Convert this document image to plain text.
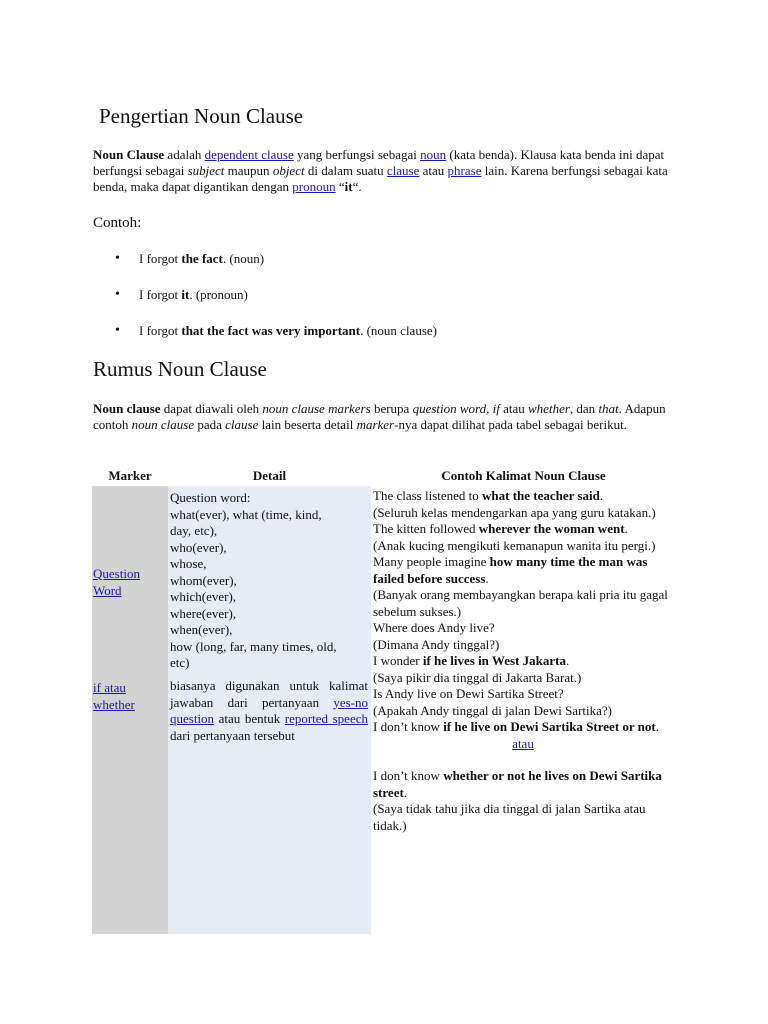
Pengertian Noun Clause

Noun Clause adalah dependent clause yang berfungsi sebagai noun (kata benda). Klausa kata benda ini dapat berfungsi sebagai subject maupun object di dalam suatu clause atau phrase lain. Karena berfungsi sebagai kata benda, maka dapat digantikan dengan pronoun “it“.

Contoh:

• I forgot the fact. (noun)
• I forgot it. (pronoun)
• I forgot that the fact was very important. (noun clause)
Rumus Noun Clause

Noun clause dapat diawali oleh noun clause markers berupa question word, if atau whether, dan that. Adapun contoh noun clause pada clause lain beserta detail marker-nya dapat dilihat pada tabel sebagai berikut.

Marker	Detail	Contoh Kalimat Noun Clause
Question Word
if atau whether
Question word:
what(ever), what (time, kind,
day, etc),
who(ever),
whose,
whom(ever),
which(ever),
where(ever),
when(ever),
how (long, far, many times, old,
etc)
biasanya digunakan untuk kalimat jawaban dari pertanyaan yes-no question atau bentuk reported speech dari pertanyaan tersebut
The class listened to what the teacher said.
(Seluruh kelas mendengarkan apa yang guru katakan.)
The kitten followed wherever the woman went.
(Anak kucing mengikuti kemanapun wanita itu pergi.)
Many people imagine how many time the man was failed before success.
(Banyak orang membayangkan berapa kali pria itu gagal sebelum sukses.)
Where does Andy live?
(Dimana Andy tinggal?)
I wonder if he lives in West Jakarta.
(Saya pikir dia tinggal di Jakarta Barat.)
Is Andy live on Dewi Sartika Street?
(Apakah Andy tinggal di jalan Dewi Sartika?)
I don’t know if he live on Dewi Sartika Street or not.
atau
I don’t know whether or not he lives on Dewi Sartika street.
(Saya tidak tahu jika dia tinggal di jalan Sartika atau tidak.)
